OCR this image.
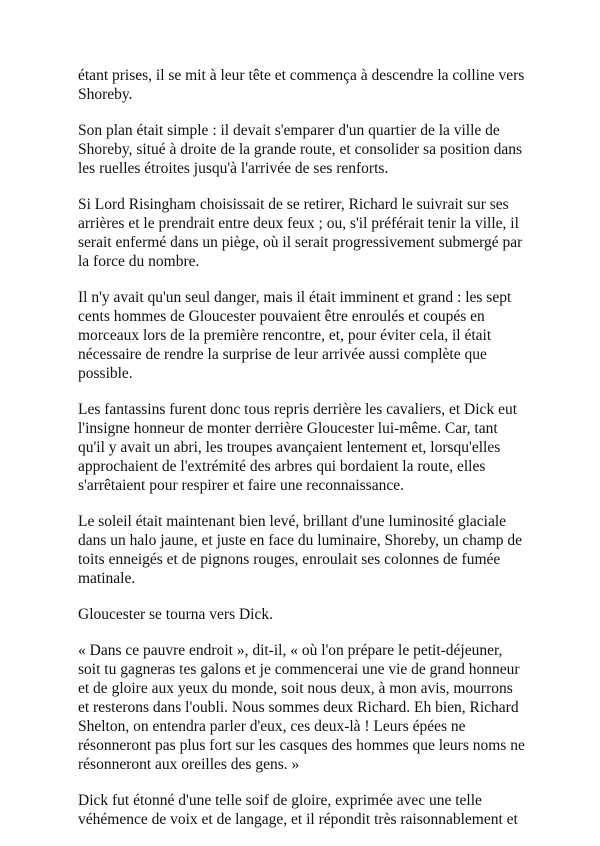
étant prises, il se mit à leur tête et commença à descendre la colline vers Shoreby.

Son plan était simple : il devait s'emparer d'un quartier de la ville de Shoreby, situé à droite de la grande route, et consolider sa position dans les ruelles étroites jusqu'à l'arrivée de ses renforts.

Si Lord Risingham choisissait de se retirer, Richard le suivrait sur ses arrières et le prendrait entre deux feux ; ou, s'il préférait tenir la ville, il serait enfermé dans un piège, où il serait progressivement submergé par la force du nombre.

Il n'y avait qu'un seul danger, mais il était imminent et grand : les sept cents hommes de Gloucester pouvaient être enroulés et coupés en morceaux lors de la première rencontre, et, pour éviter cela, il était nécessaire de rendre la surprise de leur arrivée aussi complète que possible.

Les fantassins furent donc tous repris derrière les cavaliers, et Dick eut l'insigne honneur de monter derrière Gloucester lui-même. Car, tant qu'il y avait un abri, les troupes avançaient lentement et, lorsqu'elles approchaient de l'extrémité des arbres qui bordaient la route, elles s'arrêtaient pour respirer et faire une reconnaissance.

Le soleil était maintenant bien levé, brillant d'une luminosité glaciale dans un halo jaune, et juste en face du luminaire, Shoreby, un champ de toits enneigés et de pignons rouges, enroulait ses colonnes de fumée matinale.

Gloucester se tourna vers Dick.

« Dans ce pauvre endroit », dit-il, « où l'on prépare le petit-déjeuner, soit tu gagneras tes galons et je commencerai une vie de grand honneur et de gloire aux yeux du monde, soit nous deux, à mon avis, mourrons et resterons dans l'oubli. Nous sommes deux Richard. Eh bien, Richard Shelton, on entendra parler d'eux, ces deux-là ! Leurs épées ne résonneront pas plus fort sur les casques des hommes que leurs noms ne résonneront aux oreilles des gens. »

Dick fut étonné d'une telle soif de gloire, exprimée avec une telle véhémence de voix et de langage, et il répondit très raisonnablement et
